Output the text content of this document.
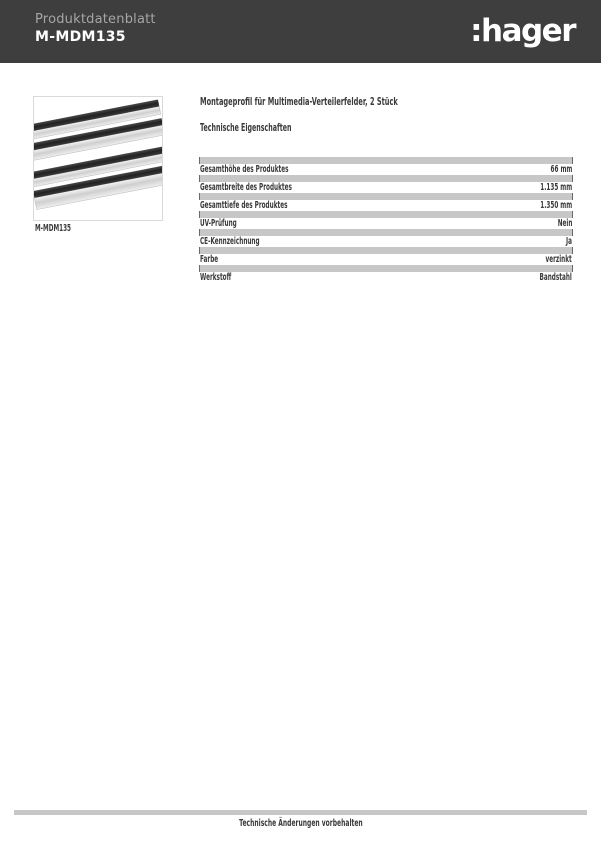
Produktdatenblatt
M-MDM135	:hager
M-MDM135
Montageprofil für Multimedia-Verteilerfelder, 2 Stück
Technische Eigenschaften
Gesamthöhe des Produktes	66 mm
Gesamtbreite des Produktes	1.135 mm
Gesamttiefe des Produktes	1.350 mm
UV-Prüfung	Nein
CE-Kennzeichnung	Ja
Farbe	verzinkt
Werkstoff	Bandstahl
Technische Änderungen vorbehalten
